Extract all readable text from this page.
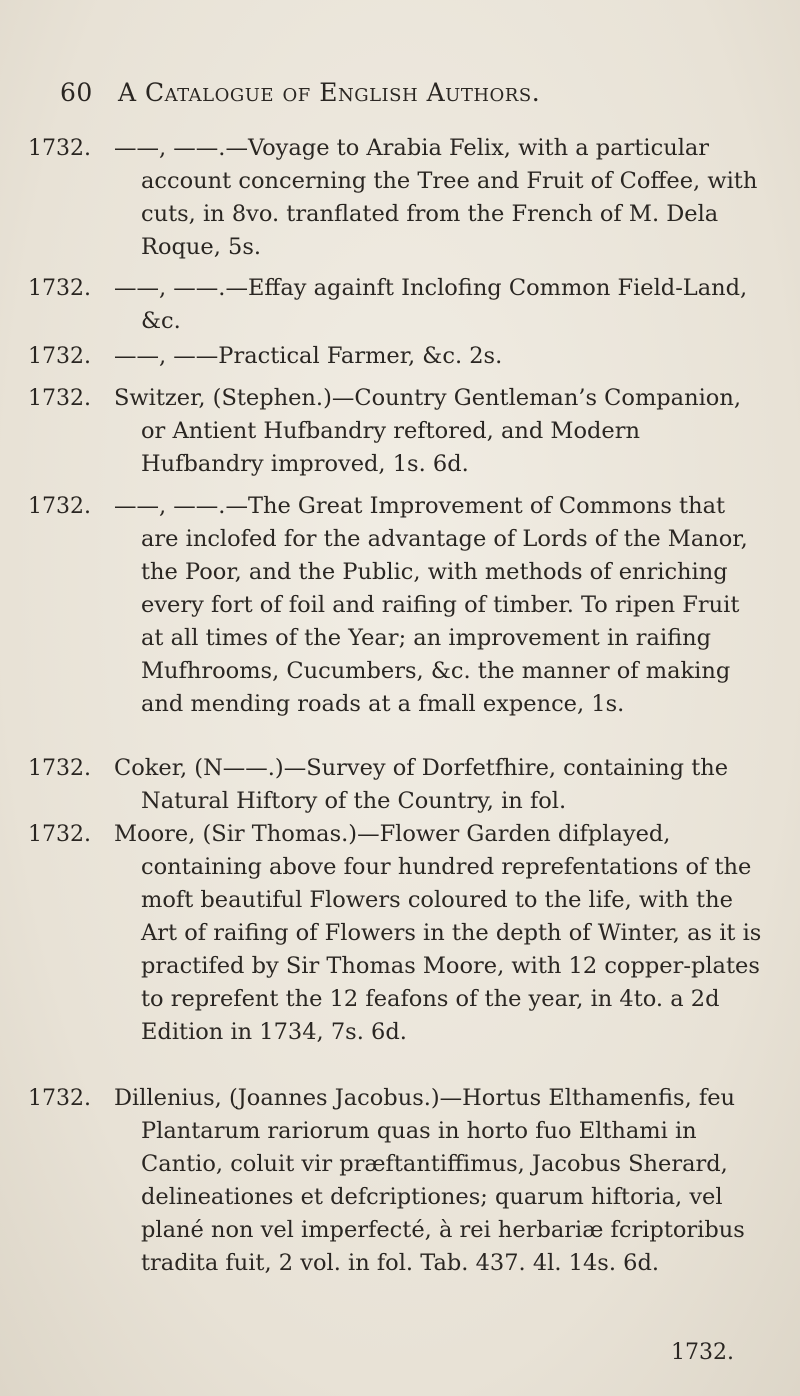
60 A Catalogue of English Authors.
1732. ——, ——.—Voyage to Arabia Felix, with a particular account concerning the Tree and Fruit of Coffee, with cuts, in 8vo. tranflated from the French of M. Dela Roque, 5s.
1732. ——, ——.—Effay againft Inclofing Common Field-Land, &c.
1732. ——, ——Practical Farmer, &c. 2s.
1732. Switzer, (Stephen.)—Country Gentleman’s Companion, or Antient Hufbandry reftored, and Modern Hufbandry improved, 1s. 6d.
1732. ——, ——.—The Great Improvement of Commons that are inclofed for the advantage of Lords of the Manor, the Poor, and the Public, with methods of enriching every fort of foil and raifing of timber. To ripen Fruit at all times of the Year; an improvement in raifing Mufhrooms, Cucumbers, &c. the manner of making and mending roads at a fmall expence, 1s.
1732. Coker, (N——.)—Survey of Dorfetfhire, containing the Natural Hiftory of the Country, in fol.
1732. Moore, (Sir Thomas.)—Flower Garden difplayed, containing above four hundred reprefentations of the moft beautiful Flowers coloured to the life, with the Art of raifing of Flowers in the depth of Winter, as it is practifed by Sir Thomas Moore, with 12 copper-plates to reprefent the 12 feafons of the year, in 4to. a 2d Edition in 1734, 7s. 6d.
1732. Dillenius, (Joannes Jacobus.)—Hortus Elthamenfis, feu Plantarum rariorum quas in horto fuo Elthami in Cantio, coluit vir præftantiffimus, Jacobus Sherard, delineationes et defcriptiones; quarum hiftoria, vel plané non vel imperfecté, à rei herbariæ fcriptoribus tradita fuit, 2 vol. in fol. Tab. 437. 4l. 14s. 6d.
1732.
